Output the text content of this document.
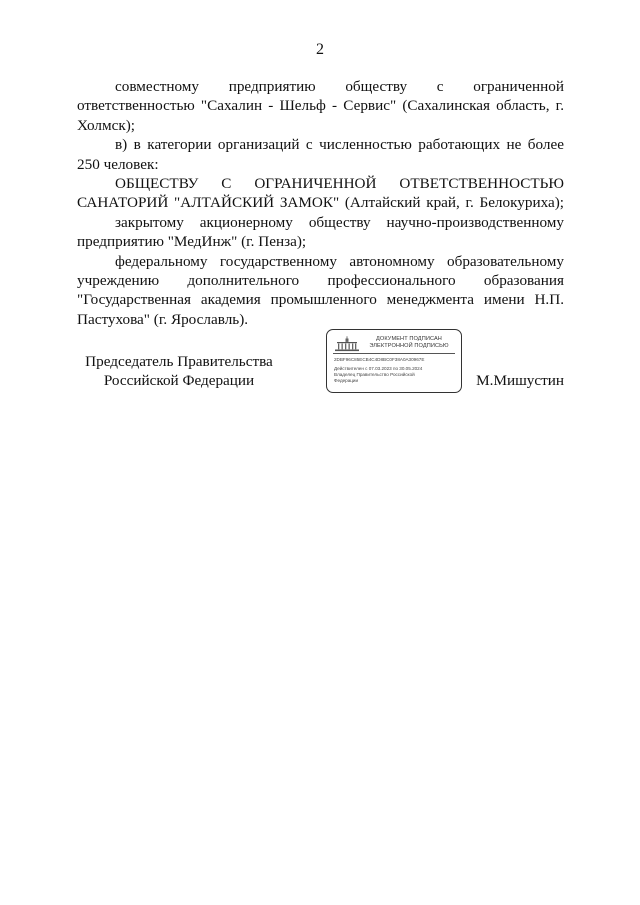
2

совместному предприятию обществу с ограниченной ответственностью "Сахалин - Шельф - Сервис" (Сахалинская область, г. Холмск);

в) в категории организаций с численностью работающих не более 250 человек:

ОБЩЕСТВУ С ОГРАНИЧЕННОЙ ОТВЕТСТВЕННОСТЬЮ САНАТОРИЙ "АЛТАЙСКИЙ ЗАМОК" (Алтайский край, г. Белокуриха);

закрытому акционерному обществу научно-производственному предприятию "МедИнж" (г. Пенза);

федеральному государственному автономному образовательному учреждению дополнительного профессионального образования "Государственная академия промышленного менеджмента имени Н.П. Пастухова" (г. Ярославль).

Председатель Правительства
Российской Федерации
ДОКУМЕНТ ПОДПИСАН
ЭЛЕКТРОННОЙ ПОДПИСЬЮ
2DBF96C85ECB4C4D8BC0F38A0A30967E
Действителен с 07.03.2023 по 30.05.2024
Владелец Правительство Российской
Федерации	М.Мишустин
